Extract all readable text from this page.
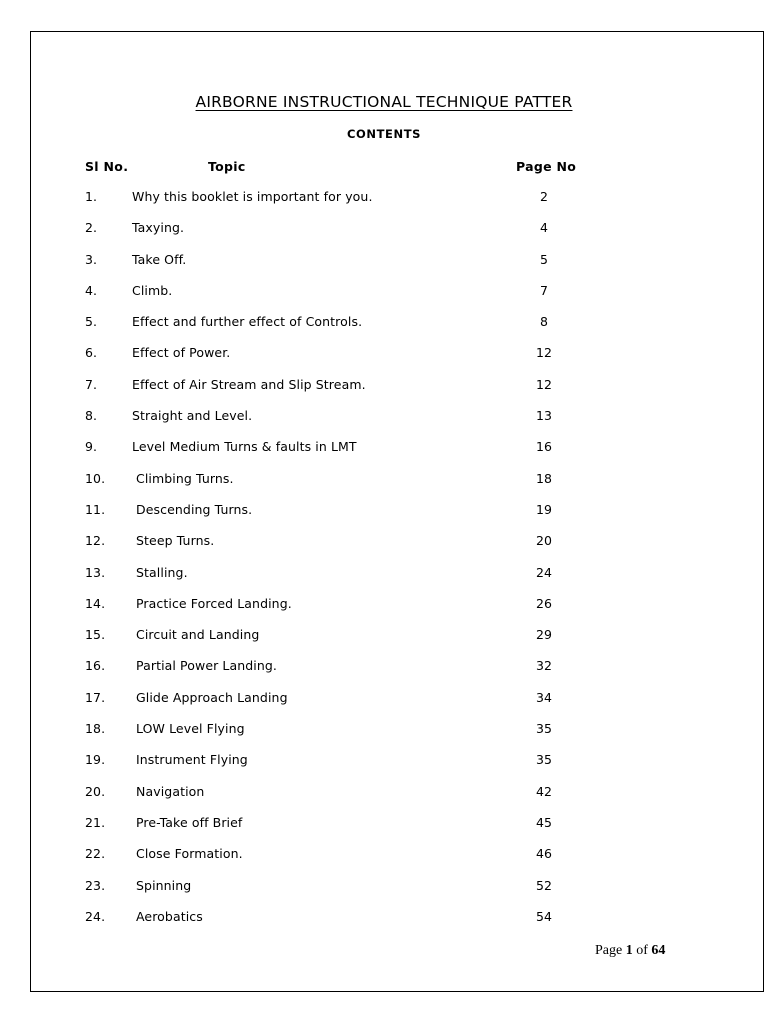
AIRBORNE INSTRUCTIONAL TECHNIQUE PATTER
CONTENTS
Sl No.	Topic	Page No
1.	Why this booklet is important for you.	2
2.	Taxying.	4
3.	Take Off.	5
4.	Climb.	7
5.	Effect and further effect of Controls.	8
6.	Effect of Power.	12
7.	Effect of Air Stream and Slip Stream.	12
8.	Straight and Level.	13
9.	Level Medium Turns & faults in LMT	16
10. Climbing Turns.	18
11. Descending Turns.	19
12. Steep Turns.	20
13. Stalling.	24
14. Practice Forced Landing.	26
15. Circuit and Landing	29
16. Partial Power Landing.	32
17. Glide Approach Landing	34
18. LOW Level Flying	35
19. Instrument Flying	35
20. Navigation	42
21. Pre-Take off Brief	45
22. Close Formation.	46
23. Spinning	52
24. Aerobatics	54
Page 1 of 64
